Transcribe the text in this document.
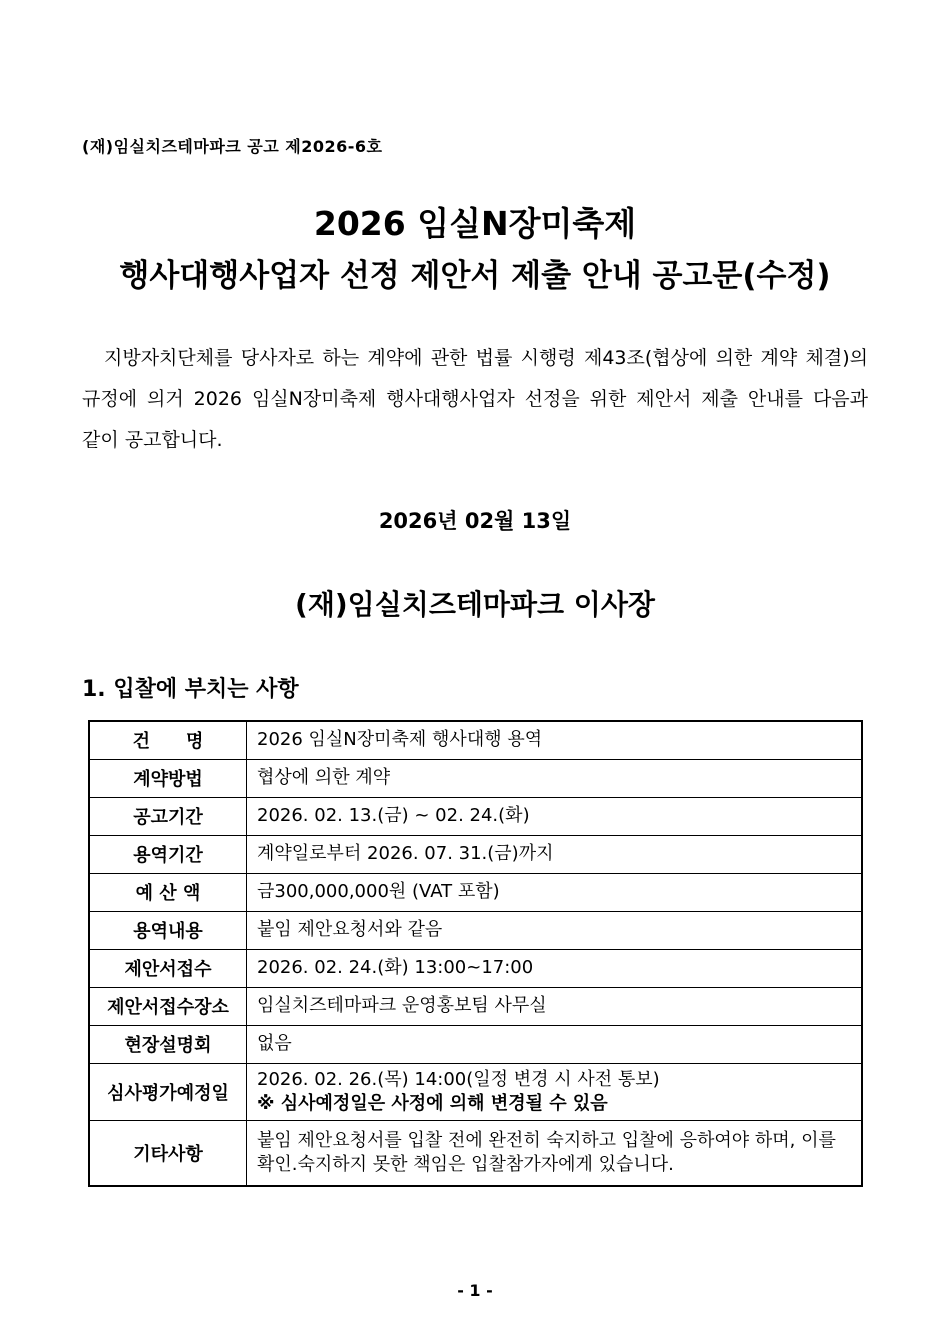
(재)임실치즈테마파크 공고 제2026-6호
2026 임실N장미축제
행사대행사업자 선정 제안서 제출 안내 공고문(수정)

지방자치단체를 당사자로 하는 계약에 관한 법률 시행령 제43조(협상에 의한 계약 체결)의 규정에 의거 2026 임실N장미축제 행사대행사업자 선정을 위한 제안서 제출 안내를 다음과 같이 공고합니다.

2026년 02월 13일
(재)임실치즈테마파크 이사장
1. 입찰에 부치는 사항
건　　명	2026 임실N장미축제 행사대행 용역
계약방법	협상에 의한 계약
공고기간	2026. 02. 13.(금) ~ 02. 24.(화)
용역기간	계약일로부터 2026. 07. 31.(금)까지
예 산 액	금300,000,000원 (VAT 포함)
용역내용	붙임 제안요청서와 같음
제안서접수	2026. 02. 24.(화) 13:00~17:00
제안서접수장소	임실치즈테마파크 운영홍보팀 사무실
현장설명회	없음
심사평가예정일	2026. 02. 26.(목) 14:00(일정 변경 시 사전 통보)
※ 심사예정일은 사정에 의해 변경될 수 있음

기타사항	붙임 제안요청서를 입찰 전에 완전히 숙지하고 입찰에 응하여야 하며, 이를 확인.숙지하지 못한 책임은 입찰참가자에게 있습니다.
- 1 -
